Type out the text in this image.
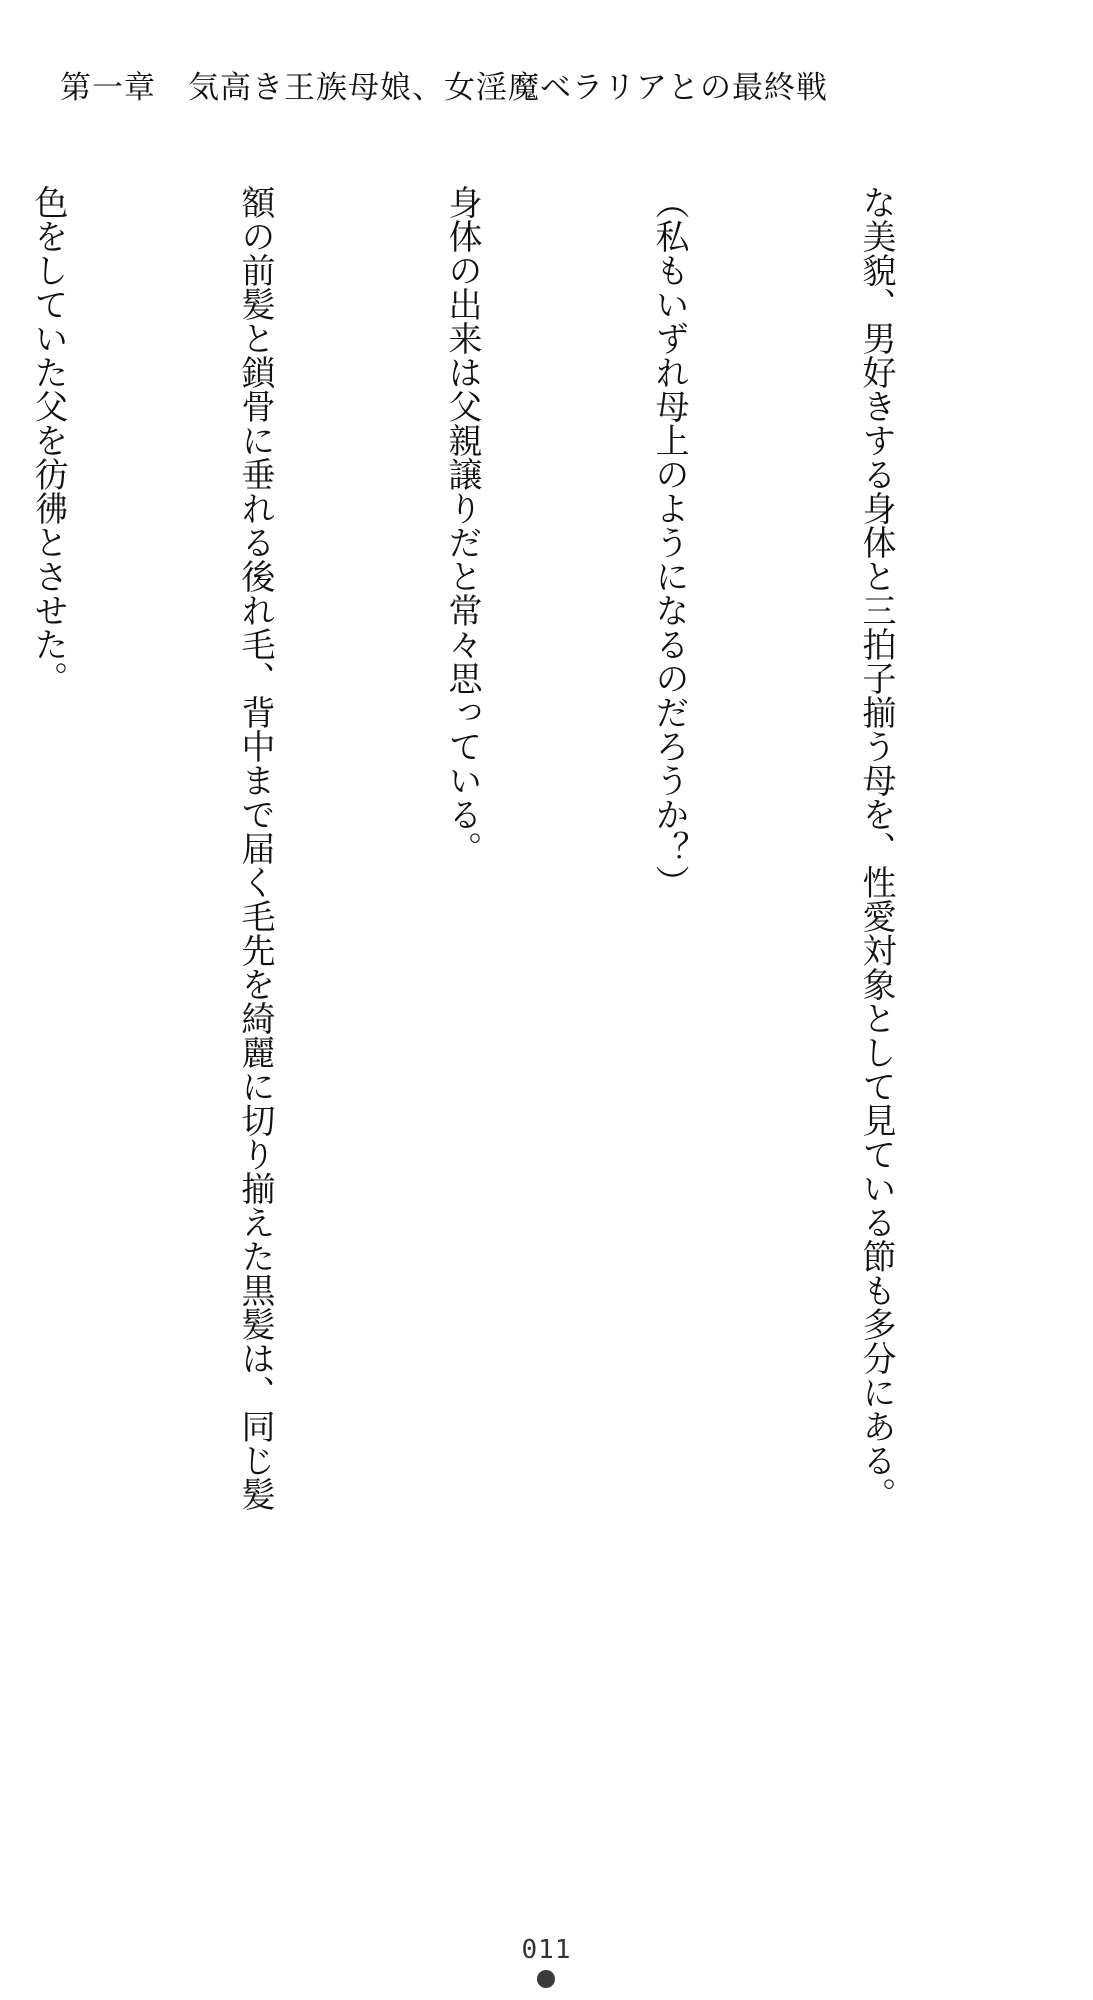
第一章　気高き王族母娘、女淫魔ベラリアとの最終戦

な美貌、男好きする身体と三拍子揃う母を、性愛対象として見ている節も多分にある。

（私もいずれ母上のようになるのだろうか？）

身体の出来は父親譲りだと常々思っている。

額の前髪と鎖骨に垂れる後れ毛、背中まで届く毛先を綺麗に切り揃えた黒髪は、同じ髪

色をしていた父を彷彿とさせた。

011
